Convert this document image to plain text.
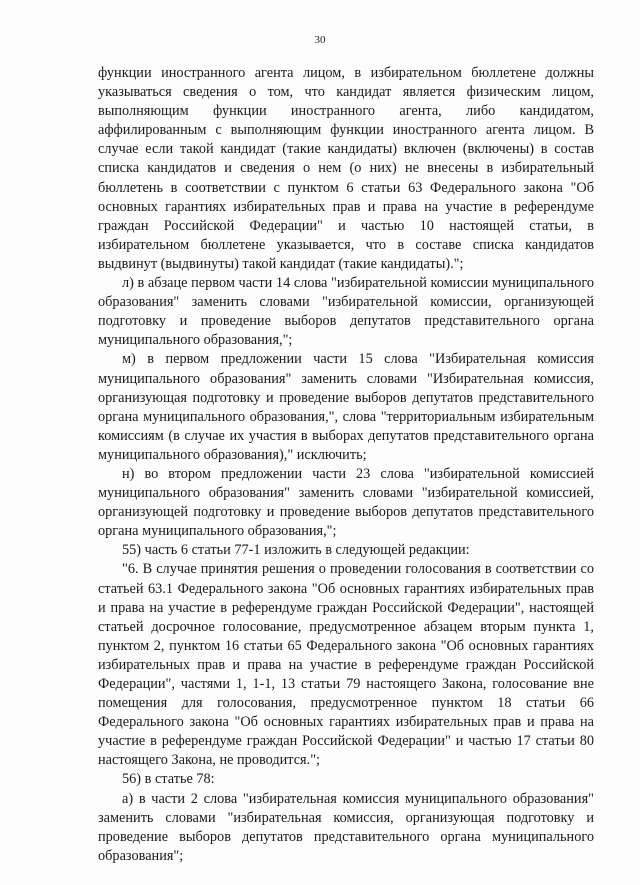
30

функции иностранного агента лицом, в избирательном бюллетене должны указываться сведения о том, что кандидат является физическим лицом, выполняющим функции иностранного агента, либо кандидатом, аффилированным с выполняющим функции иностранного агента лицом. В случае если такой кандидат (такие кандидаты) включен (включены) в состав списка кандидатов и сведения о нем (о них) не внесены в избирательный бюллетень в соответствии с пунктом 6 статьи 63 Федерального закона "Об основных гарантиях избирательных прав и права на участие в референдуме граждан Российской Федерации" и частью 10 настоящей статьи, в избирательном бюллетене указывается, что в составе списка кандидатов выдвинут (выдвинуты) такой кандидат (такие кандидаты).";

л) в абзаце первом части 14 слова "избирательной комиссии муниципального образования" заменить словами "избирательной комиссии, организующей подготовку и проведение выборов депутатов представительного органа муниципального образования,";

м) в первом предложении части 15 слова "Избирательная комиссия муниципального образования" заменить словами "Избирательная комиссия, организующая подготовку и проведение выборов депутатов представительного органа муниципального образования,", слова "территориальным избирательным комиссиям (в случае их участия в выборах депутатов представительного органа муниципального образования)," исключить;

н) во втором предложении части 23 слова "избирательной комиссией муниципального образования" заменить словами "избирательной комиссией, организующей подготовку и проведение выборов депутатов представительного органа муниципального образования,";

55) часть 6 статьи 77-1 изложить в следующей редакции:

"6. В случае принятия решения о проведении голосования в соответствии со статьей 63.1 Федерального закона "Об основных гарантиях избирательных прав и права на участие в референдуме граждан Российской Федерации", настоящей статьей досрочное голосование, предусмотренное абзацем вторым пункта 1, пунктом 2, пунктом 16 статьи 65 Федерального закона "Об основных гарантиях избирательных прав и права на участие в референдуме граждан Российской Федерации", частями 1, 1-1, 13 статьи 79 настоящего Закона, голосование вне помещения для голосования, предусмотренное пунктом 18 статьи 66 Федерального закона "Об основных гарантиях избирательных прав и права на участие в референдуме граждан Российской Федерации" и частью 17 статьи 80 настоящего Закона, не проводится.";

56) в статье 78:

а) в части 2 слова "избирательная комиссия муниципального образования" заменить словами "избирательная комиссия, организующая подготовку и проведение выборов депутатов представительного органа муниципального образования";
